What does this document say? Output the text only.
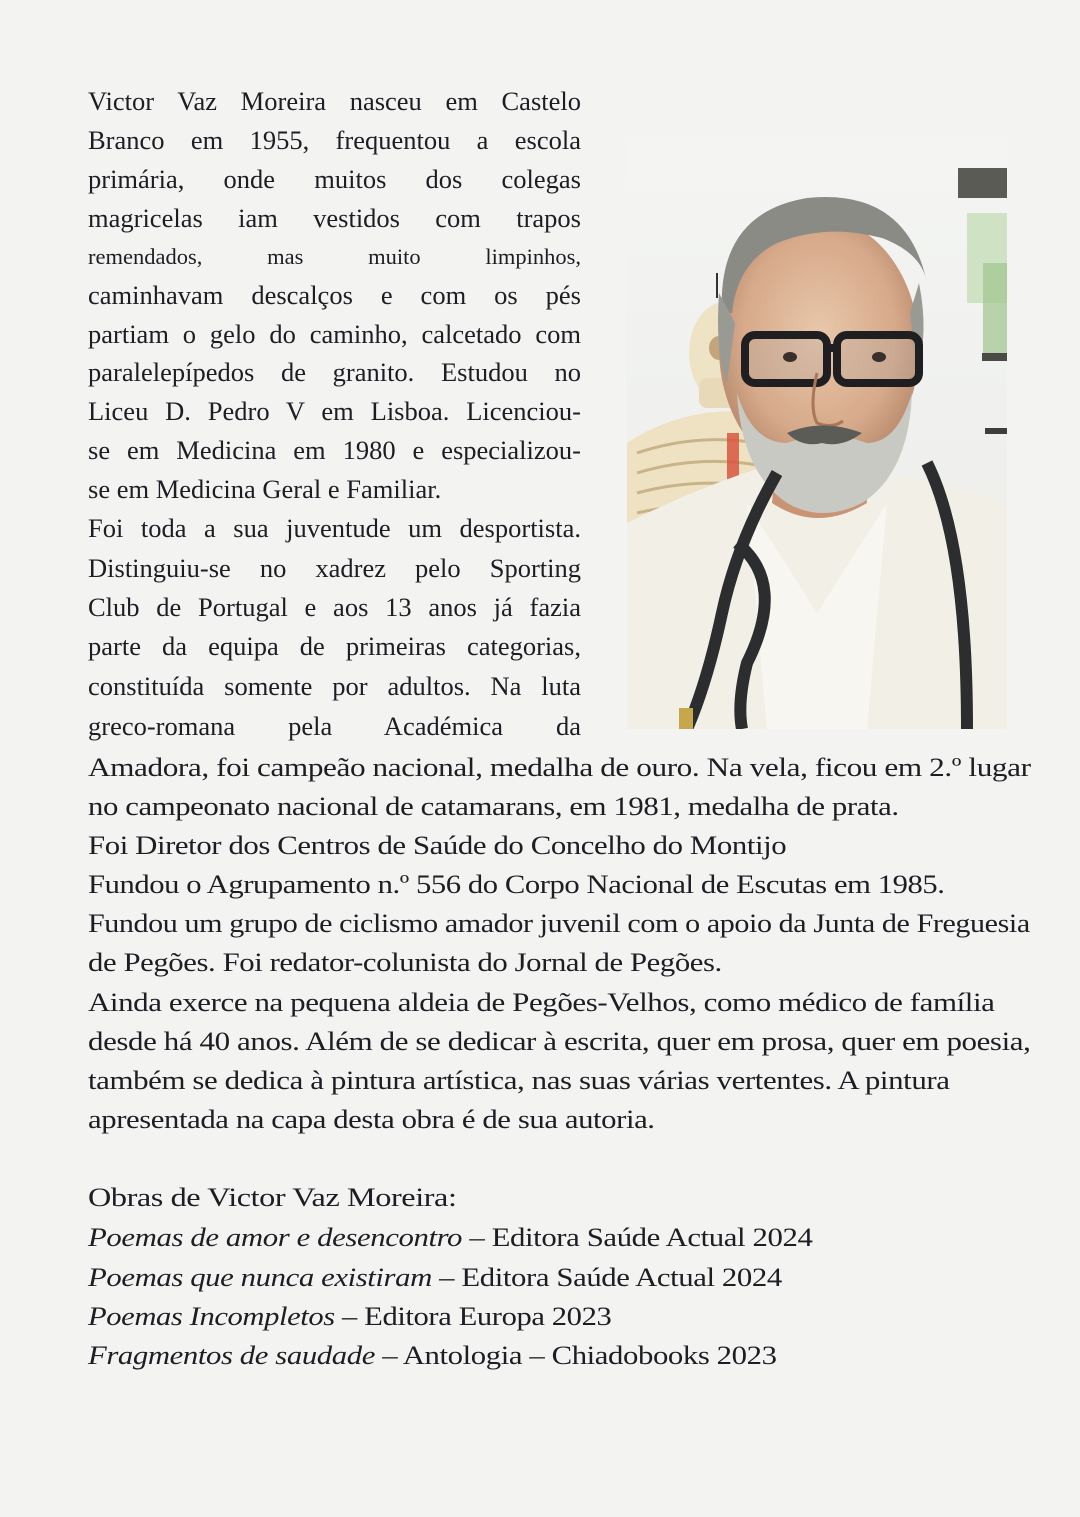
Victor Vaz Moreira nasceu em Castelo
Branco em 1955, frequentou a escola
primária, onde muitos dos colegas
magricelas iam vestidos com trapos
remendados, mas muito limpinhos,
caminhavam descalços e com os pés
partiam o gelo do caminho, calcetado com
paralelepípedos de granito. Estudou no
Liceu D. Pedro V em Lisboa. Licenciou-
se em Medicina em 1980 e especializou-
se em Medicina Geral e Familiar.
Foi toda a sua juventude um desportista.
Distinguiu-se no xadrez pelo Sporting
Club de Portugal e aos 13 anos já fazia
parte da equipa de primeiras categorias,
constituída somente por adultos. Na luta
greco-romana pela Académica da
Amadora, foi campeão nacional, medalha de ouro. Na vela, ficou em 2.º lugar
no campeonato nacional de catamarans, em 1981, medalha de prata.
Foi Diretor dos Centros de Saúde do Concelho do Montijo
Fundou o Agrupamento n.º 556 do Corpo Nacional de Escutas em 1985.
Fundou um grupo de ciclismo amador juvenil com o apoio da Junta de Freguesia
de Pegões. Foi redator-colunista do Jornal de Pegões.
Ainda exerce na pequena aldeia de Pegões-Velhos, como médico de família
desde há 40 anos. Além de se dedicar à escrita, quer em prosa, quer em poesia,
também se dedica à pintura artística, nas suas várias vertentes. A pintura
apresentada na capa desta obra é de sua autoria.
Obras de Victor Vaz Moreira:
Poemas de amor e desencontro – Editora Saúde Actual 2024
Poemas que nunca existiram – Editora Saúde Actual 2024
Poemas Incompletos – Editora Europa 2023
Fragmentos de saudade – Antologia – Chiadobooks 2023
